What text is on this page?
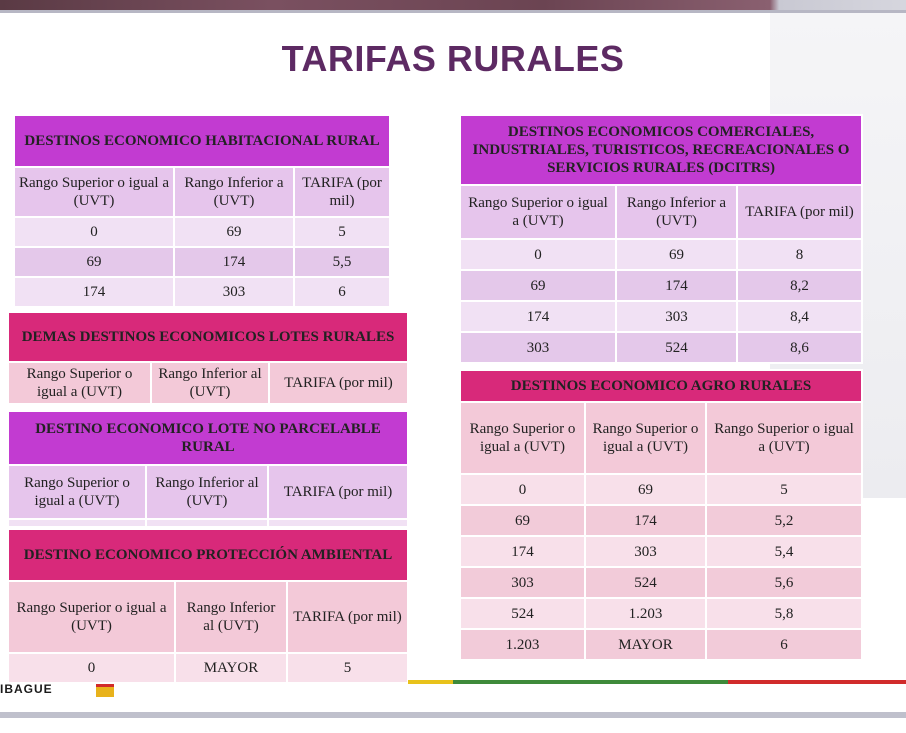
TARIFAS RURALES
DESTINOS ECONOMICO HABITACIONAL RURAL		
Rango Superior o igual a (UVT)	Rango Inferior a (UVT)	TARIFA (por mil)
0	69	5
69	174	5,5
174	303	6
DEMAS DESTINOS ECONOMICOS LOTES RURALES
Rango Superior o igual a (UVT)	Rango Inferior al (UVT)	TARIFA (por mil)
DESTINO ECONOMICO LOTE NO PARCELABLE RURAL		
Rango Superior o igual a (UVT)	Rango Inferior al (UVT)	TARIFA (por mil)

DESTINO ECONOMICO PROTECCIÓN AMBIENTAL		
Rango Superior o igual a (UVT)	Rango Inferior al (UVT)	TARIFA (por mil)
0	MAYOR	5
DESTINOS ECONOMICOS COMERCIALES, INDUSTRIALES, TURISTICOS, RECREACIONALES O SERVICIOS RURALES (DCITRS)		
Rango Superior o igual a (UVT)	Rango Inferior a (UVT)	TARIFA (por mil)
0	69	8
69	174	8,2
174	303	8,4
303	524	8,6
DESTINOS ECONOMICO AGRO RURALES		
Rango Superior o igual a (UVT)	Rango Superior o igual a (UVT)	Rango Superior o igual a (UVT)
0	69	5
69	174	5,2
174	303	5,4
303	524	5,6
524	1.203	5,8
1.203	MAYOR	6
IBAGUE
